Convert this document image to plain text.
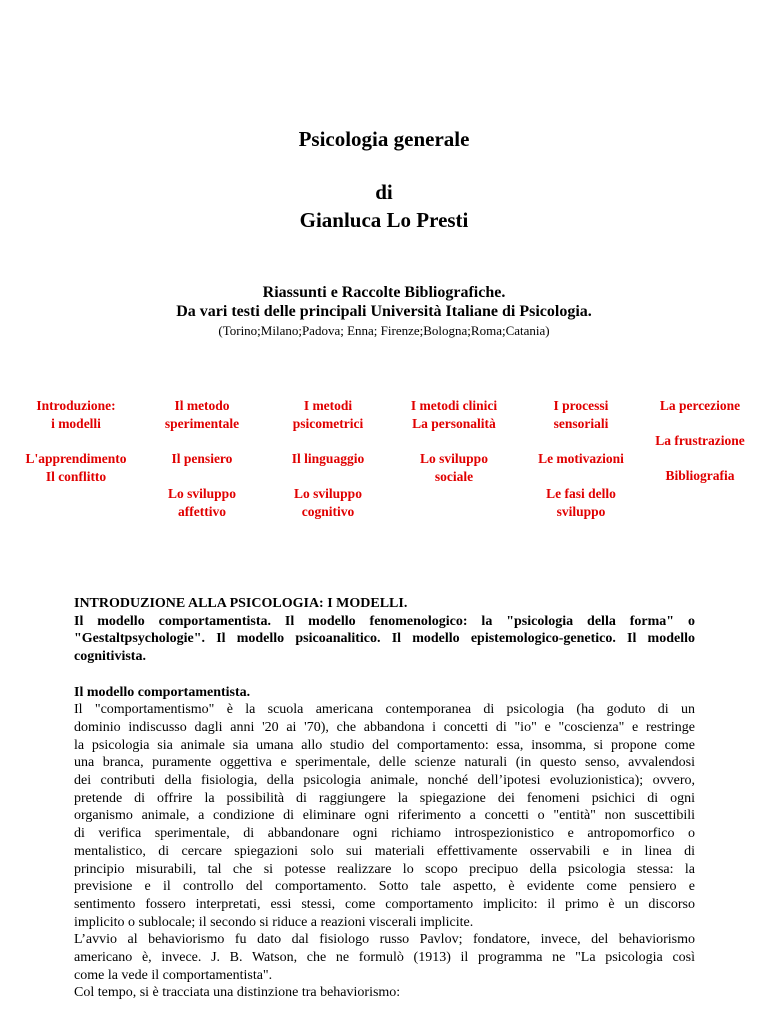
Psicologia generale
di
Gianluca Lo Presti
Riassunti e Raccolte Bibliografiche.
Da vari testi delle principali Università Italiane di Psicologia.
(Torino;Milano;Padova; Enna; Firenze;Bologna;Roma;Catania)
Introduzione:
i modelli
L'apprendimento
Il conflitto
Il metodo
sperimentale
Il pensiero
Lo sviluppo
affettivo
I metodi
psicometrici
Il linguaggio
Lo sviluppo
cognitivo
I metodi clinici
La personalità
Lo sviluppo
sociale
I processi
sensoriali
Le motivazioni
Le fasi dello
sviluppo
La percezione
La frustrazione
Bibliografia
INTRODUZIONE ALLA PSICOLOGIA: I MODELLI.
Il modello comportamentista. Il modello fenomenologico: la "psicologia della forma" o
"Gestaltpsychologie". Il modello psicoanalitico. Il modello epistemologico-genetico. Il modello
cognitivista.
Il modello comportamentista.
Il "comportamentismo" è la scuola americana contemporanea di psicologia (ha goduto di un
dominio indiscusso dagli anni '20 ai '70), che abbandona i concetti di "io" e "coscienza" e restringe
la psicologia sia animale sia umana allo studio del comportamento: essa, insomma, si propone come
una branca, puramente oggettiva e sperimentale, delle scienze naturali (in questo senso, avvalendosi
dei contributi della fisiologia, della psicologia animale, nonché dell’ipotesi evoluzionistica); ovvero,
pretende di offrire la possibilità di raggiungere la spiegazione dei fenomeni psichici di ogni
organismo animale, a condizione di eliminare ogni riferimento a concetti o "entità" non suscettibili
di verifica sperimentale, di abbandonare ogni richiamo introspezionistico e antropomorfico o
mentalistico, di cercare spiegazioni solo sui materiali effettivamente osservabili e in linea di
principio misurabili, tal che si potesse realizzare lo scopo precipuo della psicologia stessa: la
previsione e il controllo del comportamento. Sotto tale aspetto, è evidente come pensiero e
sentimento fossero interpretati, essi stessi, come comportamento implicito: il primo è un discorso
implicito o sublocale; il secondo si riduce a reazioni viscerali implicite.
L’avvio al behaviorismo fu dato dal fisiologo russo Pavlov; fondatore, invece, del behaviorismo
americano è, invece. J. B. Watson, che ne formulò (1913) il programma ne "La psicologia così
come la vede il comportamentista".
Col tempo, si è tracciata una distinzione tra behaviorismo:
